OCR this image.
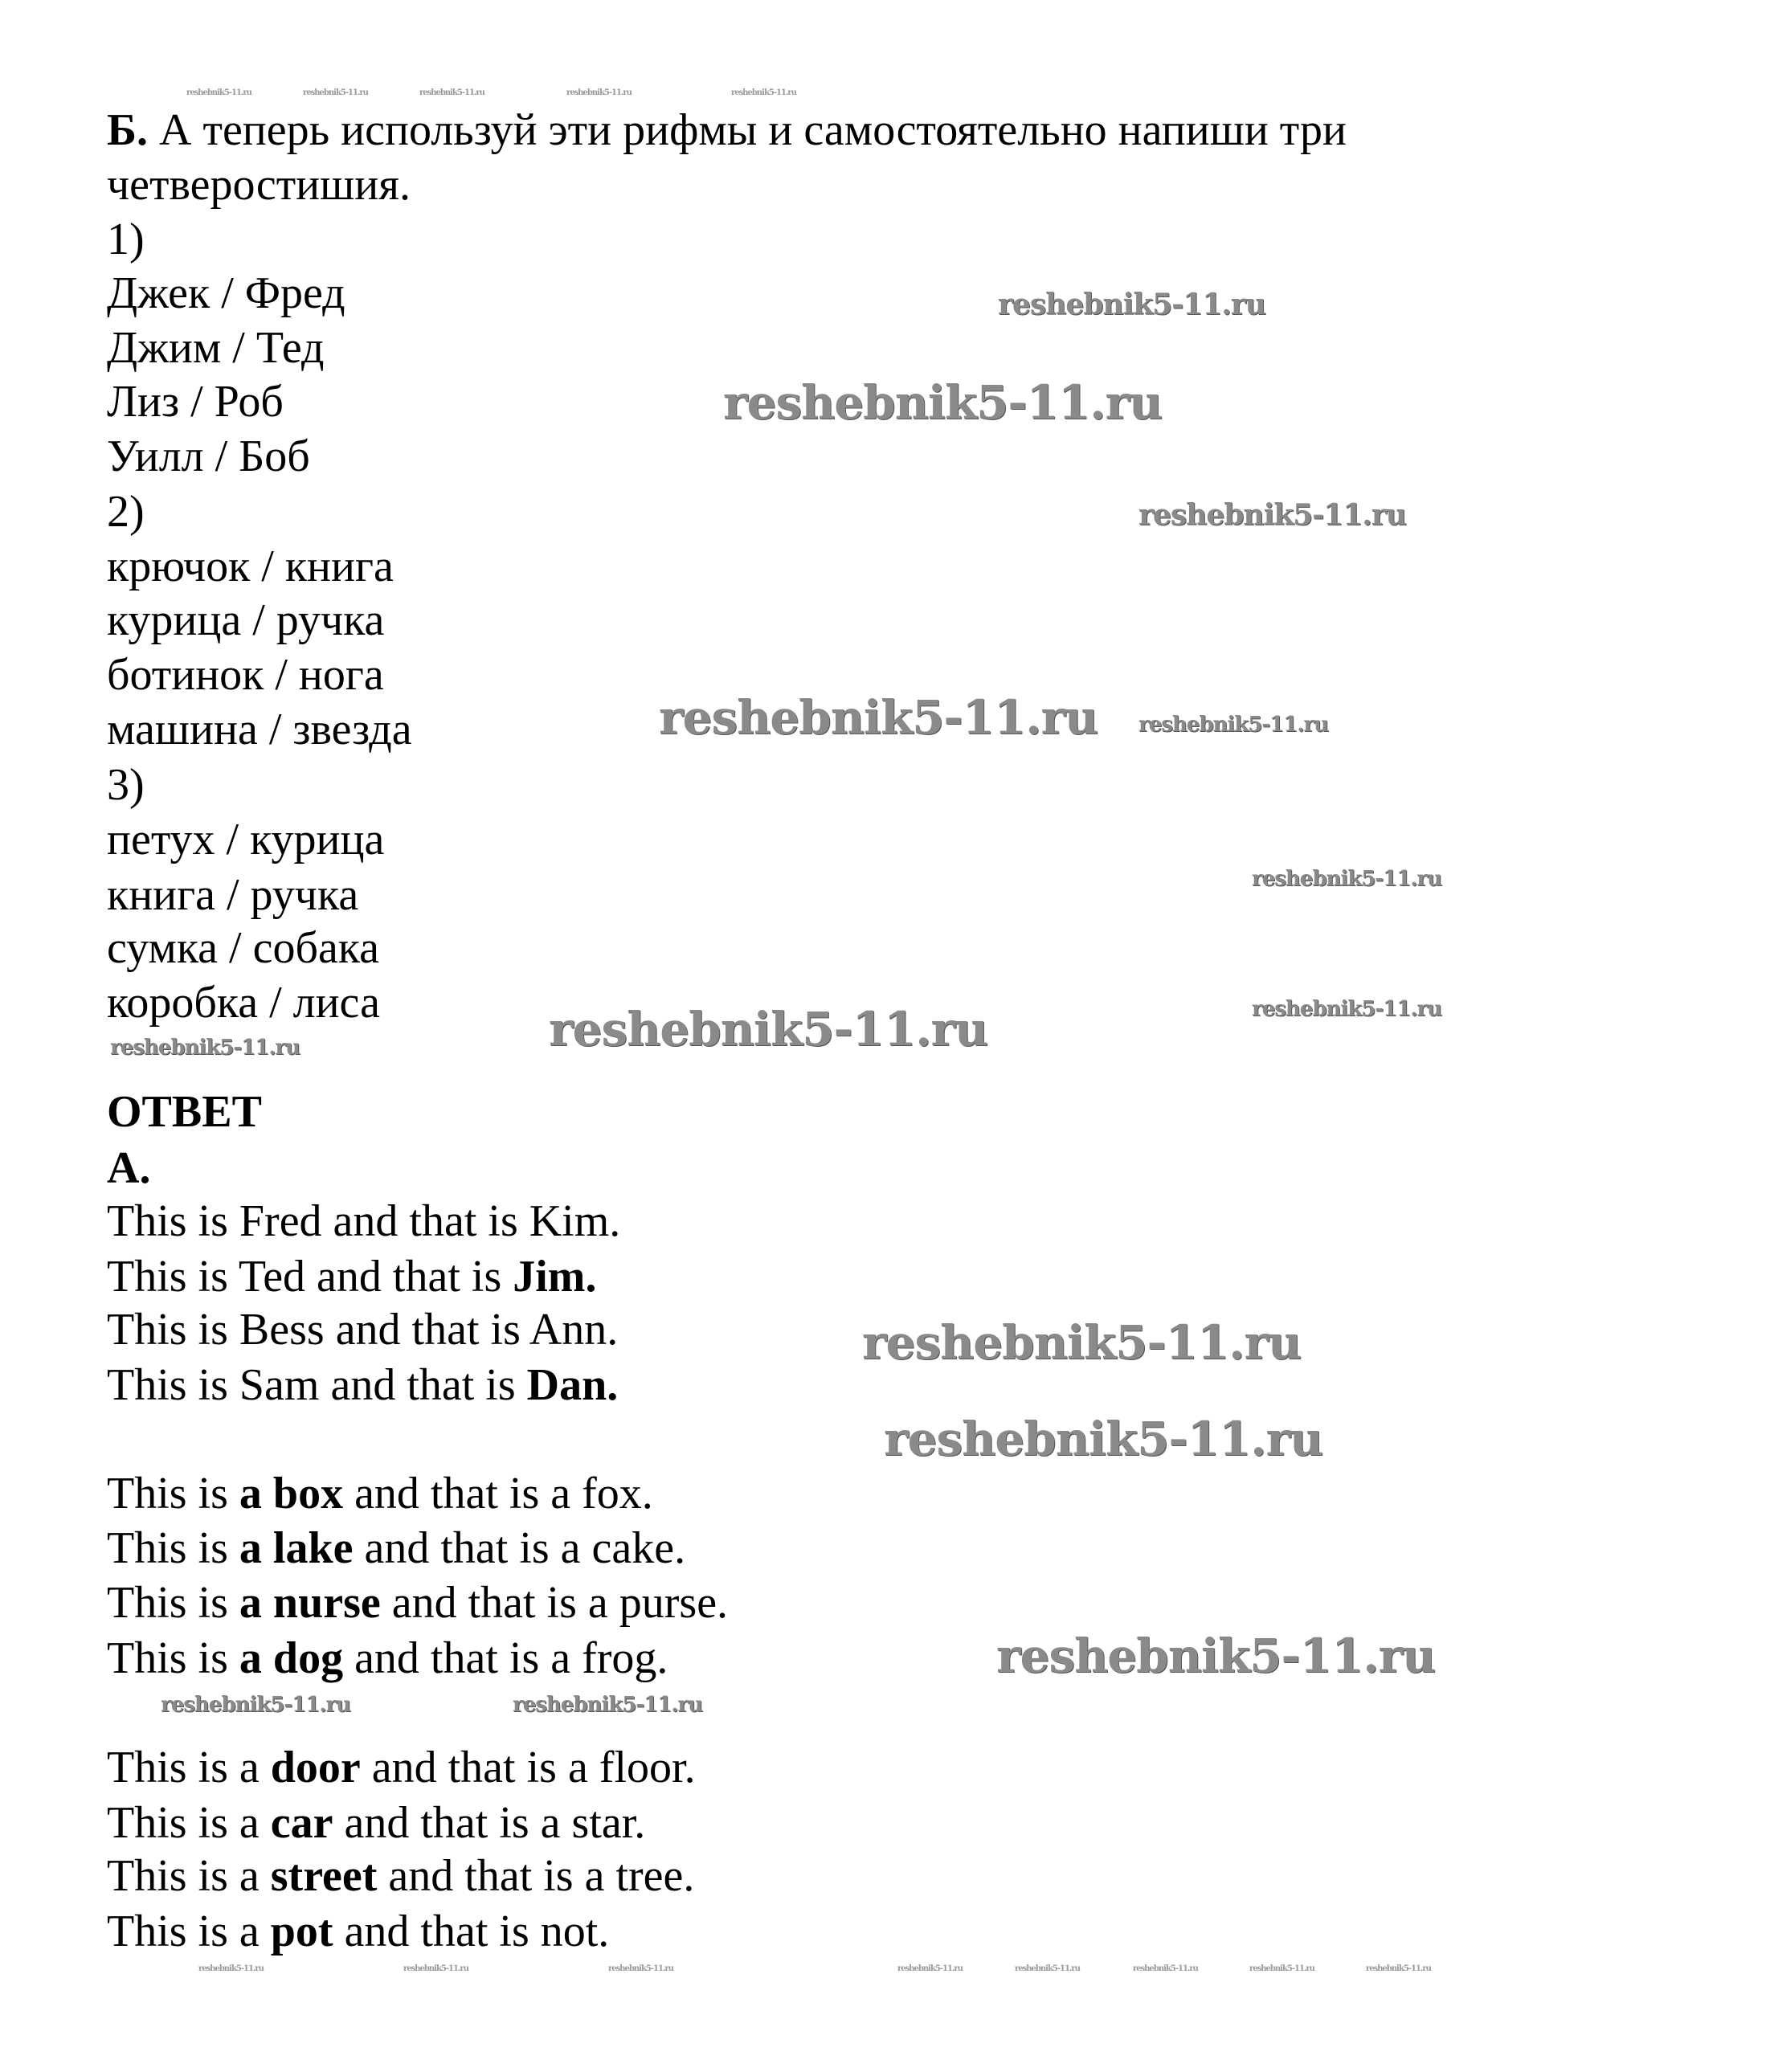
Б. А теперь используй эти рифмы и самостоятельно напиши три
четверостишия.
1)
Джек / Фред
Джим / Тед
Лиз / Роб
Уилл / Боб
2)
крючок / книга
курица / ручка
ботинок / нога
машина / звезда
3)
петух / курица
книга / ручка
сумка / собака
коробка / лиса
ОТВЕТ
А.
This is Fred and that is Kim.
This is Ted and that is Jim.
This is Bess and that is Ann.
This is Sam and that is Dan.
This is a box and that is a fox.
This is a lake and that is a cake.
This is a nurse and that is a purse.
This is a dog and that is a frog.
This is a door and that is a floor.
This is a car and that is a star.
This is a street and that is a tree.
This is a pot and that is not.
reshebnik5-11.ru
reshebnik5-11.ru
reshebnik5-11.ru
reshebnik5-11.ru
reshebnik5-11.ru
reshebnik5-11.ru
reshebnik5-11.ru
reshebnik5-11.ru
reshebnik5-11.ru
reshebnik5-11.ru
reshebnik5-11.ru
reshebnik5-11.ru
reshebnik5-11.ru	reshebnik5-11.ru
reshebnik5-11.ru	reshebnik5-11.ru	reshebnik5-11.ru	reshebnik5-11.ru	reshebnik5-11.ru
reshebnik5-11.ru	reshebnik5-11.ru	reshebnik5-11.ru	reshebnik5-11.ru	reshebnik5-11.ru	reshebnik5-11.ru	reshebnik5-11.ru	reshebnik5-11.ru
